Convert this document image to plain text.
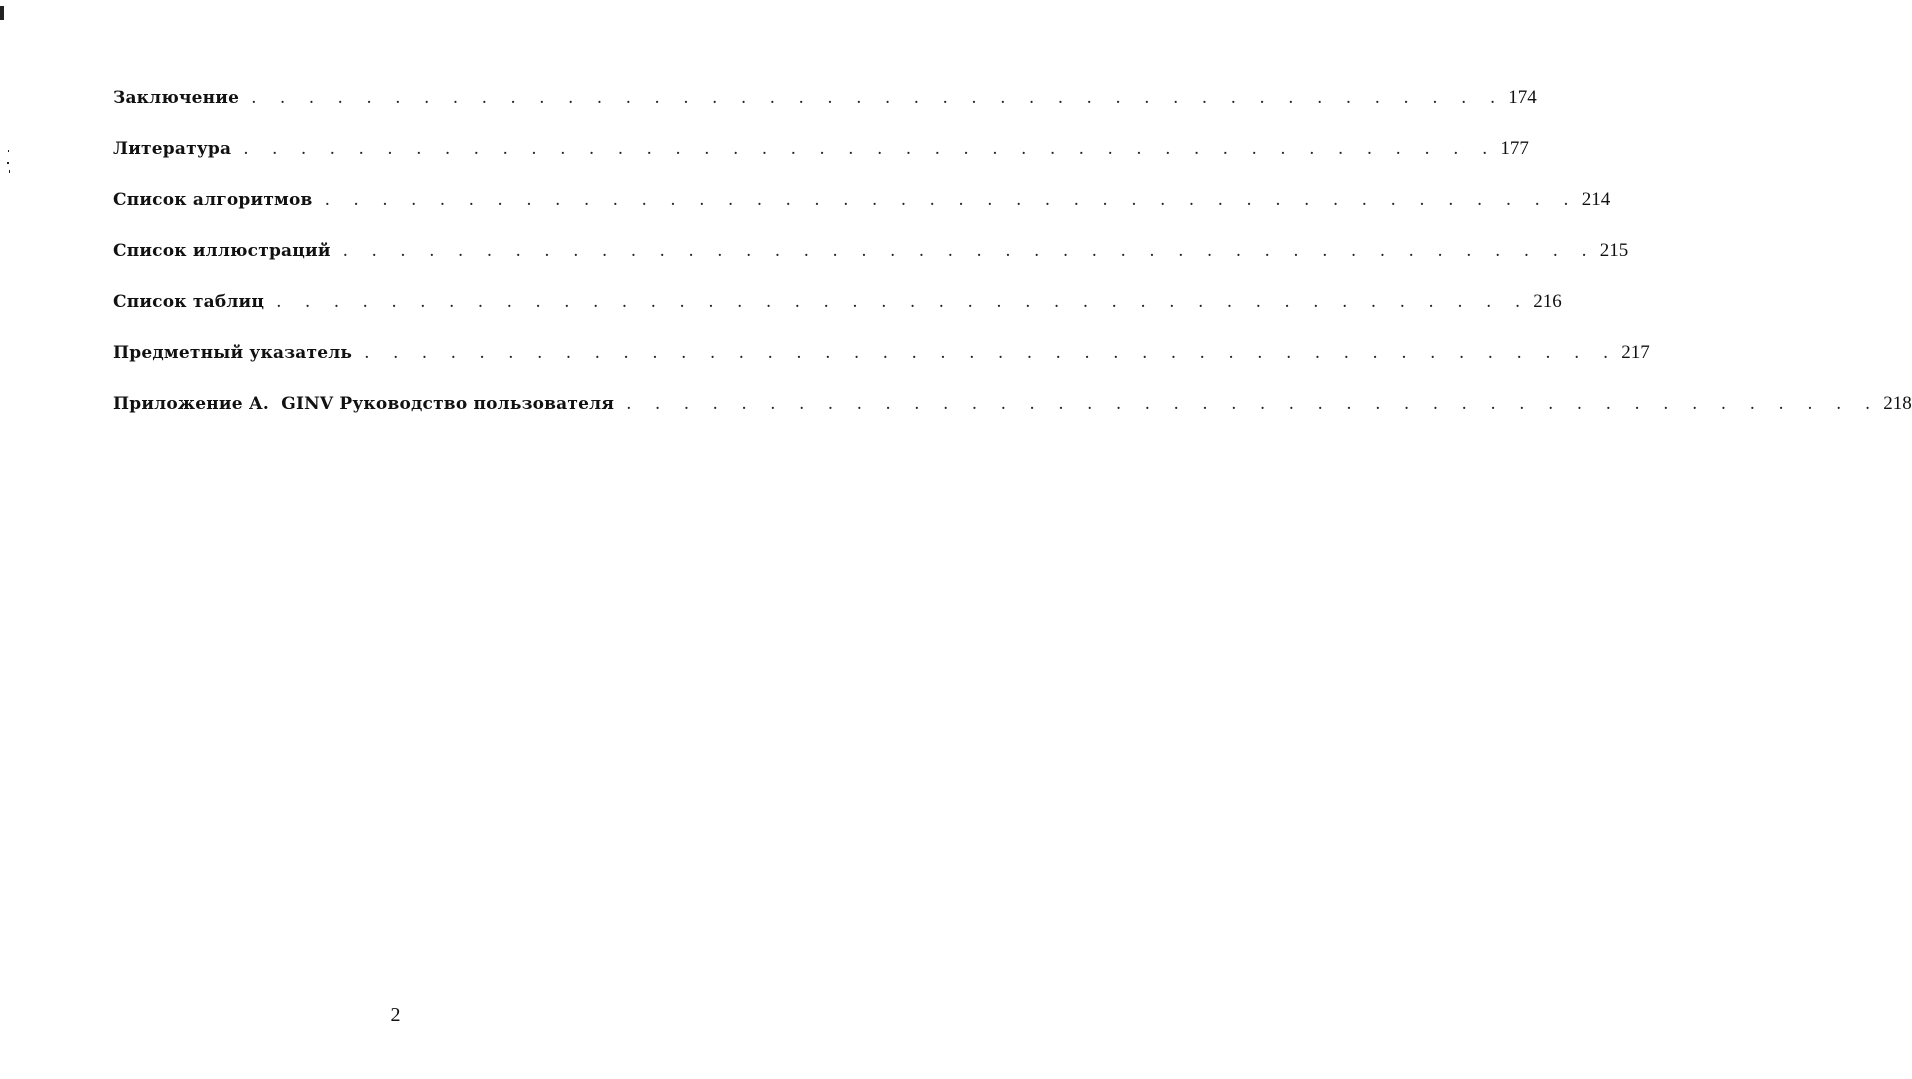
Заключение . . . . . . . . . . . . . . . . . . . . . . . . . . . . . . . . . . . . . . . . . . . . 174
Литература . . . . . . . . . . . . . . . . . . . . . . . . . . . . . . . . . . . . . . . . . . . . 177
Список алгоритмов . . . . . . . . . . . . . . . . . . . . . . . . . . . . . . . . . . . . . . . . . . . . 214
Список иллюстраций . . . . . . . . . . . . . . . . . . . . . . . . . . . . . . . . . . . . . . . . . . . . 215
Список таблиц . . . . . . . . . . . . . . . . . . . . . . . . . . . . . . . . . . . . . . . . . . . . 216
Предметный указатель . . . . . . . . . . . . . . . . . . . . . . . . . . . . . . . . . . . . . . . . . . . . 217
Приложение А.  GINV Руководство пользователя . . . . . . . . . . . . . . . . . . . . . . . . . . . . . . . . . . . . . . . . . . . . 218
2
